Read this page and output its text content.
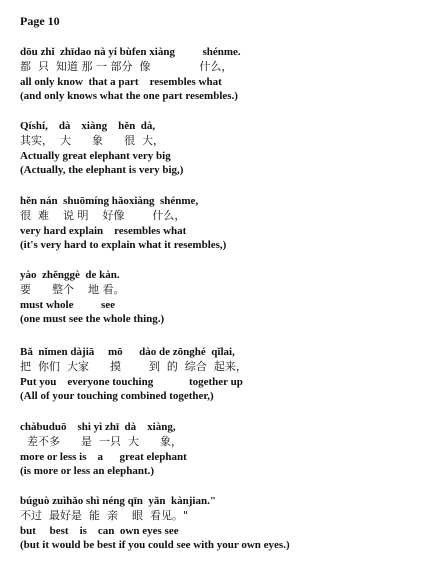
Page 10
dōu zhǐ  zhīdao nà yí bùfen xiàng          shénme.
都  只  知道 那 一 部分  像              什么，
all only know  that a part    resembles what
(and only knows what the one part resembles.)
Qíshí,    dà    xiàng    hěn  dà,
其实，  大      象      很  大，
Actually great elephant very big
(Actually, the elephant is very big,)
hěn nán  shuōmíng hǎoxiàng  shénme,
很  难    说 明    好像        什么，
very hard explain    resembles what
(it's very hard to explain what it resembles,)
yào  zhěnggè  de kàn.
要      整个    地 看。
must whole          see
(one must see the whole thing.)
Bǎ  nǐmen dàjiā     mō      dào de zōnghé  qǐlai,
把  你们  大家      摸        到  的  综合  起来，
Put you    everyone touching             together up
(All of your touching combined together,)
chàbuduō    shì yì zhī  dà    xiàng,
差不多      是  一只  大      象，
more or less is    a      great elephant
(is more or less an elephant.)
búguò zuìhǎo shì néng qīn  yǎn  kànjian."
不过  最好是  能  亲    眼  看见。"
but     best    is    can  own eyes see
(but it would be best if you could see with your own eyes.)
